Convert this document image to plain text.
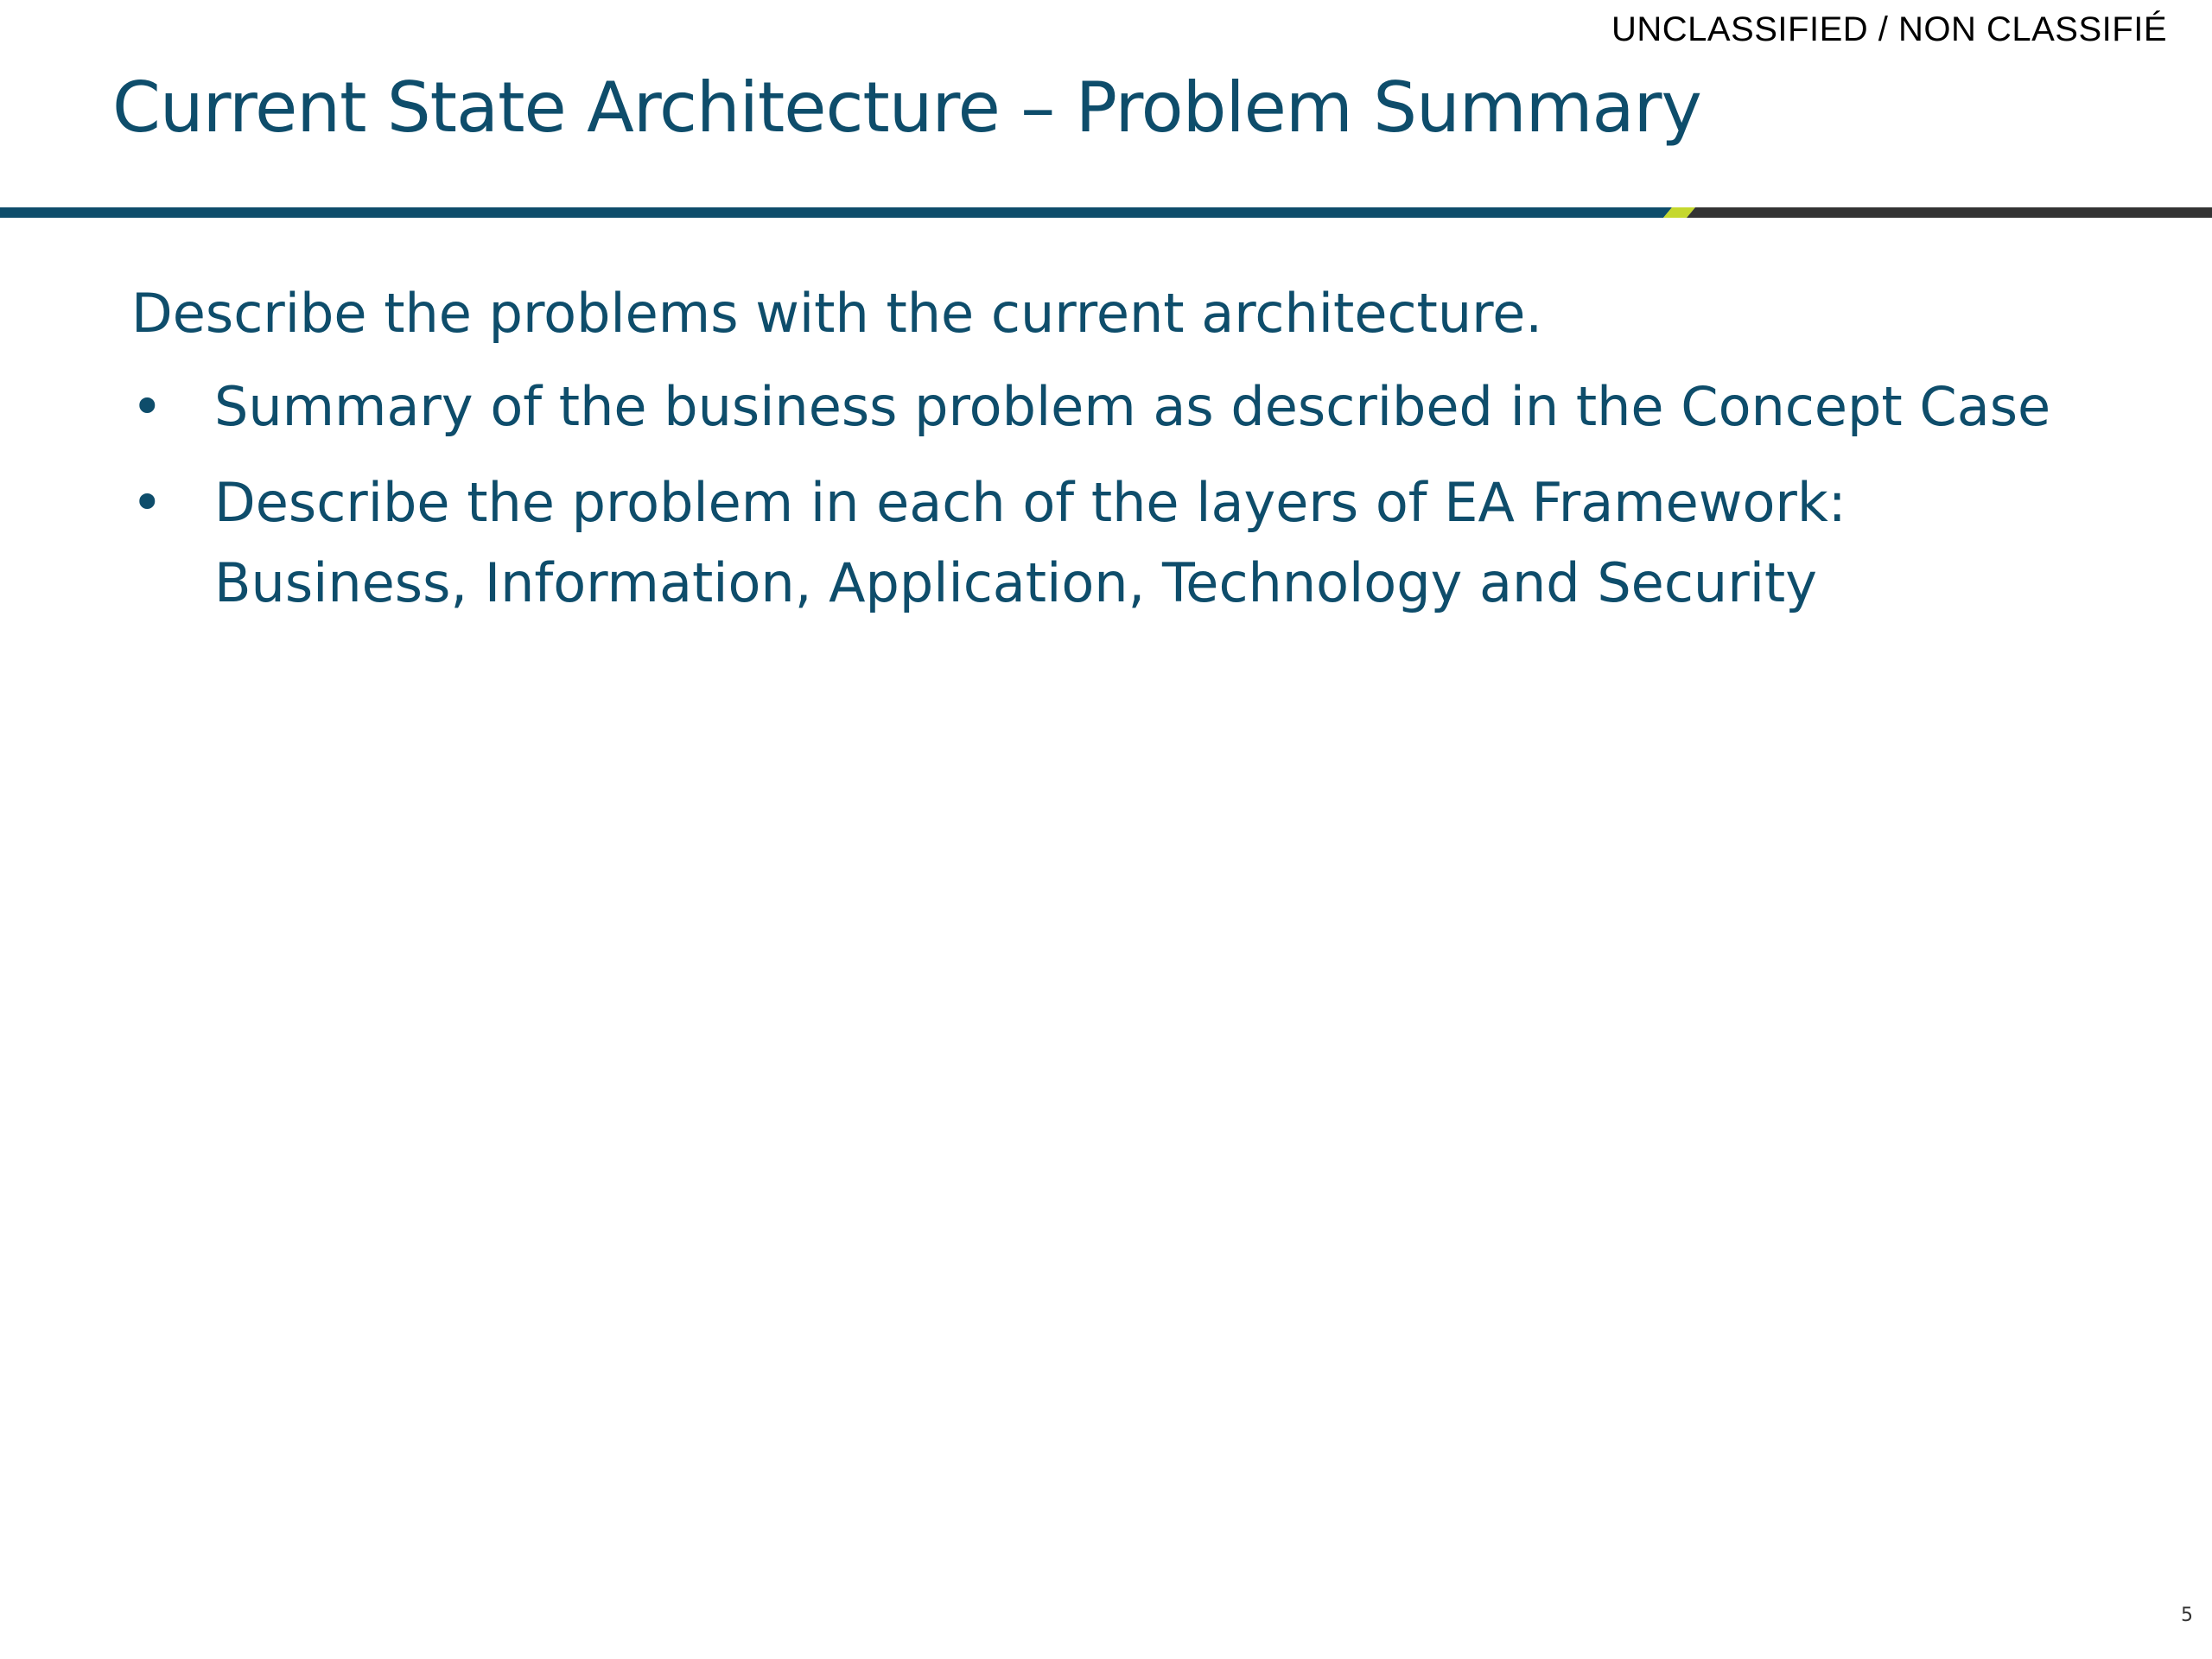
UNCLASSIFIED / NON CLASSIFIÉ
Current State Architecture – Problem Summary

Describe the problems with the current architecture.

• Summary of the business problem as described in the Concept Case
• Describe the problem in each of the layers of EA Framework:
Business, Information, Application, Technology and Security
5
